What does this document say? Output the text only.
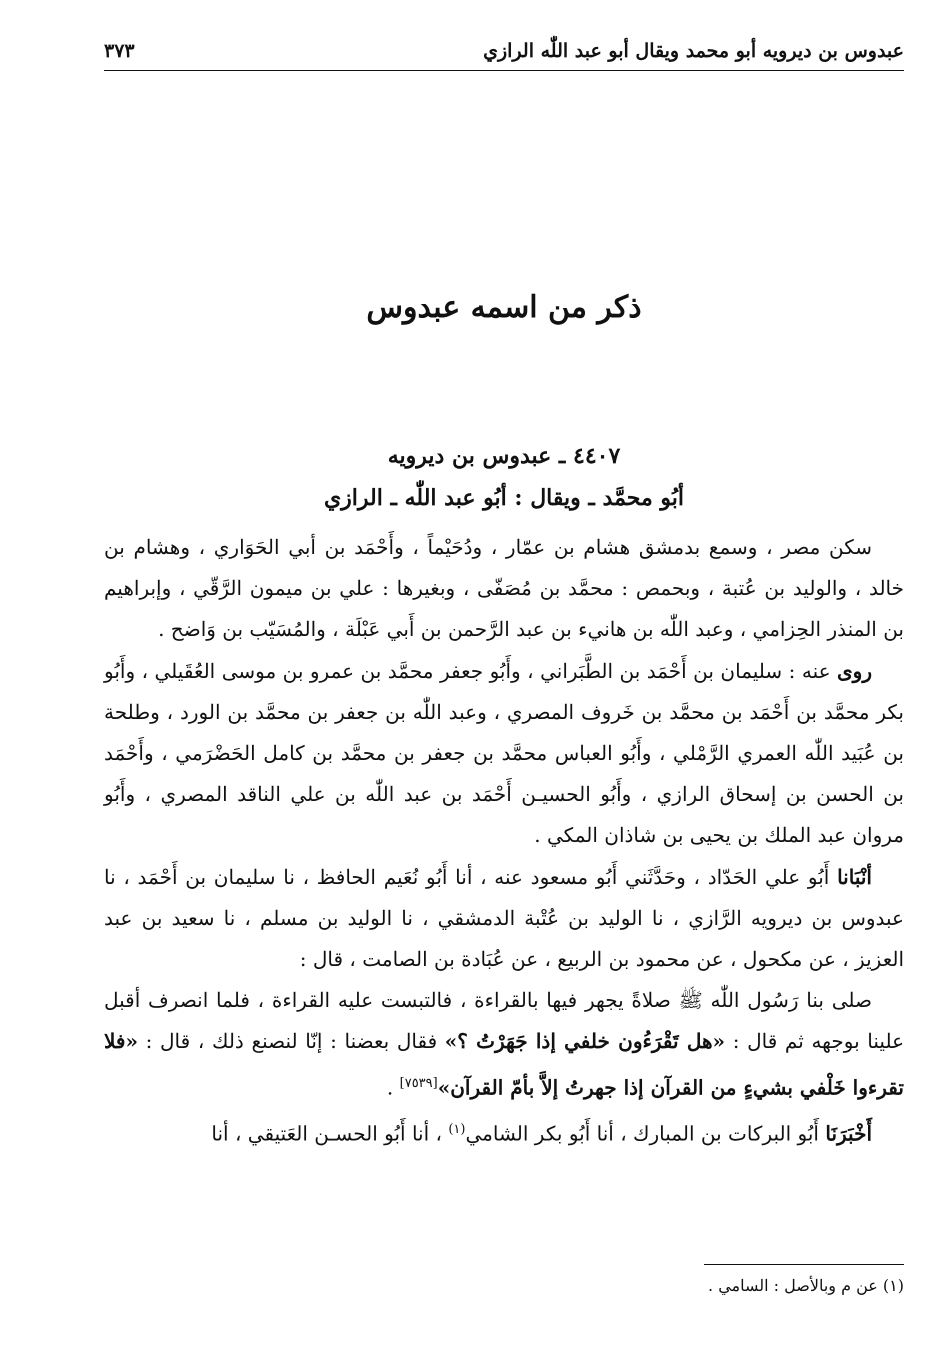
عبدوس بن ديرويه أبو محمد ويقال أبو عبد اللّٰه الرازي
٣٧٣
ذكر من اسمه عبدوس
٤٤٠٧ ـ عبدوس بن ديرويه
أبُو محمَّد ـ ويقال : أبُو عبد اللّٰه ـ الرازي

سكن مصر ، وسمع بدمشق هشام بن عمّار ، ودُحَيْماً ، وأَحْمَد بن أبي الحَوَاري ، وهشام بن خالد ، والوليد بن عُتبة ، وبحمص : محمَّد بن مُصَفّى ، وبغيرها : علي بن ميمون الرَّقّي ، وإبراهيم بن المنذر الحِزامي ، وعبد اللّٰه بن هانيء بن عبد الرَّحمن بن أَبي عَبْلَة ، والمُسَيّب بن وَاضح .

روى عنه : سليمان بن أَحْمَد بن الطَّبَراني ، وأَبُو جعفر محمَّد بن عمرو بن موسى العُقَيلي ، وأَبُو بكر محمَّد بن أَحْمَد بن محمَّد بن خَروف المصري ، وعبد اللّٰه بن جعفر بن محمَّد بن الورد ، وطلحة بن عُبَيد اللّٰه العمري الرَّمْلي ، وأَبُو العباس محمَّد بن جعفر بن محمَّد بن كامل الحَضْرَمي ، وأَحْمَد بن الحسن بن إسحاق الرازي ، وأَبُو الحسيـن أَحْمَد بن عبد اللّٰه بن علي الناقد المصري ، وأَبُو مروان عبد الملك بن يحيى بن شاذان المكي .

أنْبَانا أَبُو علي الحَدّاد ، وحَدَّثَني أَبُو مسعود عنه ، أنا أَبُو نُعَيم الحافظ ، نا سليمان بن أَحْمَد ، نا عبدوس بن ديرويه الرَّازي ، نا الوليد بن عُتْبة الدمشقي ، نا الوليد بن مسلم ، نا سعيد بن عبد العزيز ، عن مكحول ، عن محمود بن الربيع ، عن عُبَادة بن الصامت ، قال :

صلى بنا رَسُول اللّٰه ﷺ صلاةً يجهر فيها بالقراءة ، فالتبست عليه القراءة ، فلما انصرف أقبل علينا بوجهه ثم قال : «هل تَقْرَءُون خلفي إذا جَهَرْتُ ؟» فقال بعضنا : إنّا لنصنع ذلك ، قال : «فلا تقرءوا خَلْفي بشيءٍ من القرآن إذا جهرتُ إلاَّ بأمّ القرآن»[٧٥٣٩] .

أَخْبَرَنَا أَبُو البركات بن المبارك ، أنا أَبُو بكر الشامي$^{(١)}$ ، أنا أَبُو الحسـن العَتيقي ، أنا

(١) عن م وبالأصل : السامي .
